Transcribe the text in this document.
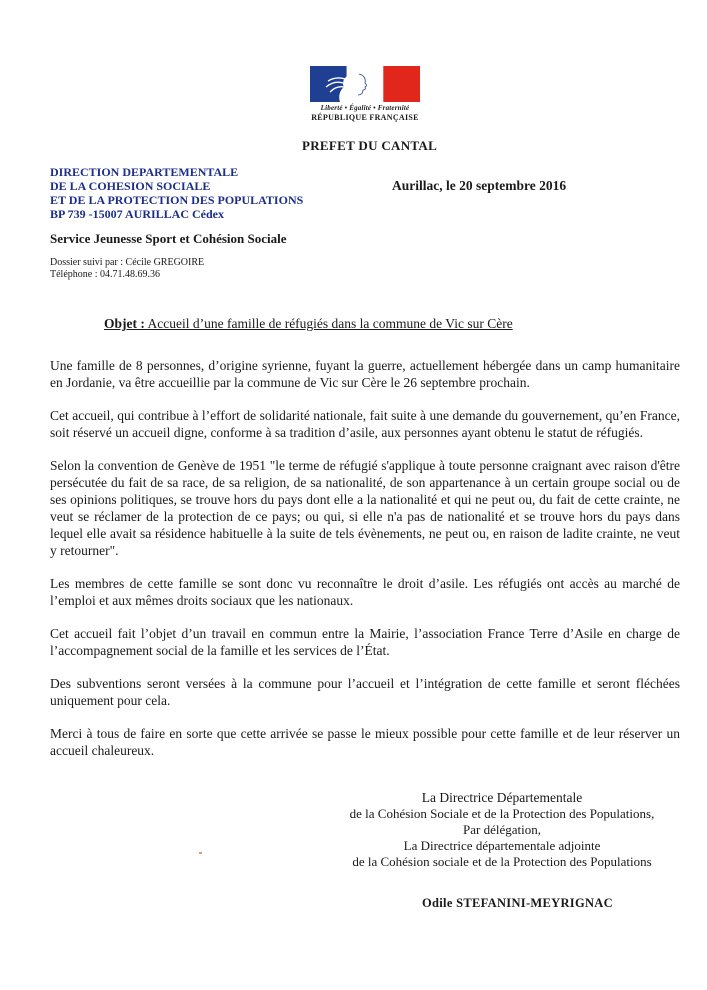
Liberté • Égalité • Fraternité
RÉPUBLIQUE FRANÇAISE
PREFET DU CANTAL
DIRECTION DEPARTEMENTALE
DE LA COHESION SOCIALE
ET DE LA PROTECTION DES POPULATIONS
BP 739 -15007 AURILLAC Cédex
Aurillac, le 20 septembre 2016
Service Jeunesse Sport et Cohésion Sociale
Dossier suivi par : Cécile GREGOIRE
Téléphone : 04.71.48.69.36
Objet : Accueil d’une famille de réfugiés dans la commune de Vic sur Cère

Une famille de 8 personnes, d’origine syrienne, fuyant la guerre, actuellement hébergée dans un camp humanitaire en Jordanie, va être accueillie par la commune de Vic sur Cère le 26 septembre prochain.

Cet accueil, qui contribue à l’effort de solidarité nationale, fait suite à une demande du gouvernement, qu’en France, soit réservé un accueil digne, conforme à sa tradition d’asile, aux personnes ayant obtenu le statut de réfugiés.

Selon la convention de Genève de 1951 "le terme de réfugié s'applique à toute personne craignant avec raison d'être persécutée du fait de sa race, de sa religion, de sa nationalité, de son appartenance à un certain groupe social ou de ses opinions politiques, se trouve hors du pays dont elle a la nationalité et qui ne peut ou, du fait de cette crainte, ne veut se réclamer de la protection de ce pays; ou qui, si elle n'a pas de nationalité et se trouve hors du pays dans lequel elle avait sa résidence habituelle à la suite de tels évènements, ne peut ou, en raison de ladite crainte, ne veut y retourner".

Les membres de cette famille se sont donc vu reconnaître le droit d’asile. Les réfugiés ont accès au marché de l’emploi et aux mêmes droits sociaux que les nationaux.

Cet accueil fait l’objet d’un travail en commun entre la Mairie, l’association France Terre d’Asile en charge de l’accompagnement social de la famille et les services de l’État.

Des subventions seront versées à la commune pour l’accueil et l’intégration de cette famille et seront fléchées uniquement pour cela.

Merci à tous de faire en sorte que cette arrivée se passe le mieux possible pour cette famille et de leur réserver un accueil chaleureux.

La Directrice Départementale
de la Cohésion Sociale et de la Protection des Populations,
Par délégation,
La Directrice départementale adjointe
de la Cohésion sociale et de la Protection des Populations
Odile STEFANINI-MEYRIGNAC
